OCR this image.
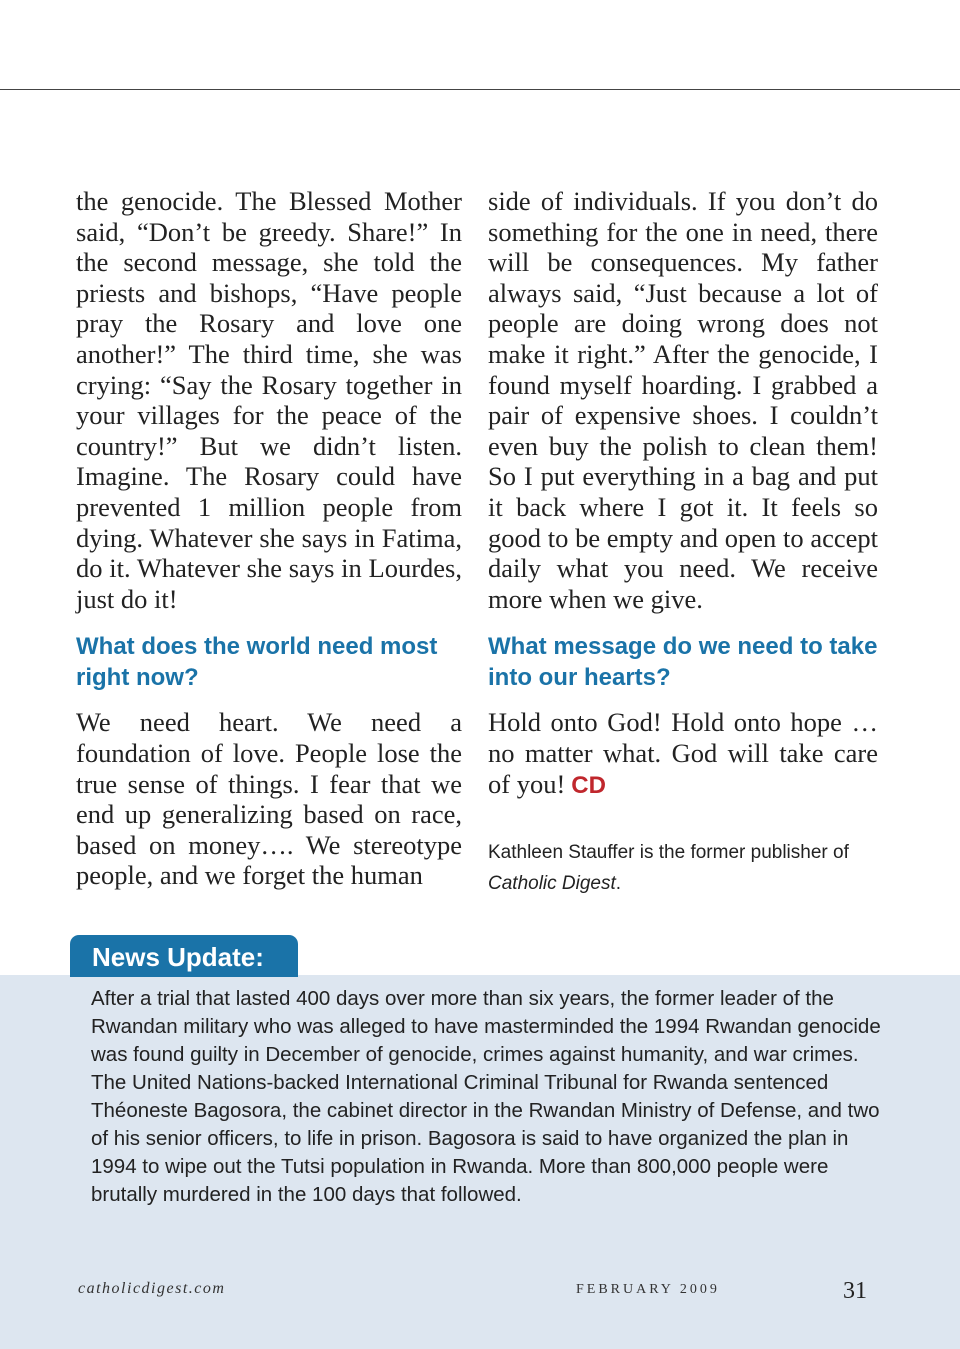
the genocide. The Blessed Mother said, “Don’t be greedy. Share!” In the second message, she told the priests and bishops, “Have people pray the Rosary and love one another!” The third time, she was crying: “Say the Rosary together in your villages for the peace of the country!” But we didn’t listen. Imagine. The Rosary could have prevented 1 million people from dying. Whatever she says in Fatima, do it. Whatever she says in Lourdes, just do it!

What does the world need most right now?

We need heart. We need a foundation of love. People lose the true sense of things. I fear that we end up generalizing based on race, based on money…. We stereotype people, and we forget the human

side of individuals. If you don’t do something for the one in need, there will be consequences. My father always said, “Just because a lot of people are doing wrong does not make it right.” After the genocide, I found myself hoarding. I grabbed a pair of expensive shoes. I couldn’t even buy the polish to clean them! So I put everything in a bag and put it back where I got it. It feels so good to be empty and open to accept daily what you need. We receive more when we give.

What message do we need to take into our hearts?

Hold onto God! Hold onto hope … no matter what. God will take care of you! CD

Kathleen Stauffer is the former publisher of Catholic Digest.
News Update:

After a trial that lasted 400 days over more than six years, the former leader of the Rwandan military who was alleged to have masterminded the 1994 Rwandan genocide was found guilty in December of genocide, crimes against humanity, and war crimes. The United Nations-backed International Criminal Tribunal for Rwanda sentenced Théoneste Bagosora, the cabinet director in the Rwandan Ministry of Defense, and two of his senior officers, to life in prison. Bagosora is said to have organized the plan in 1994 to wipe out the Tutsi population in Rwanda. More than 800,000 people were brutally murdered in the 100 days that followed.

catholicdigest.com	FEBRUARY 2009	31
